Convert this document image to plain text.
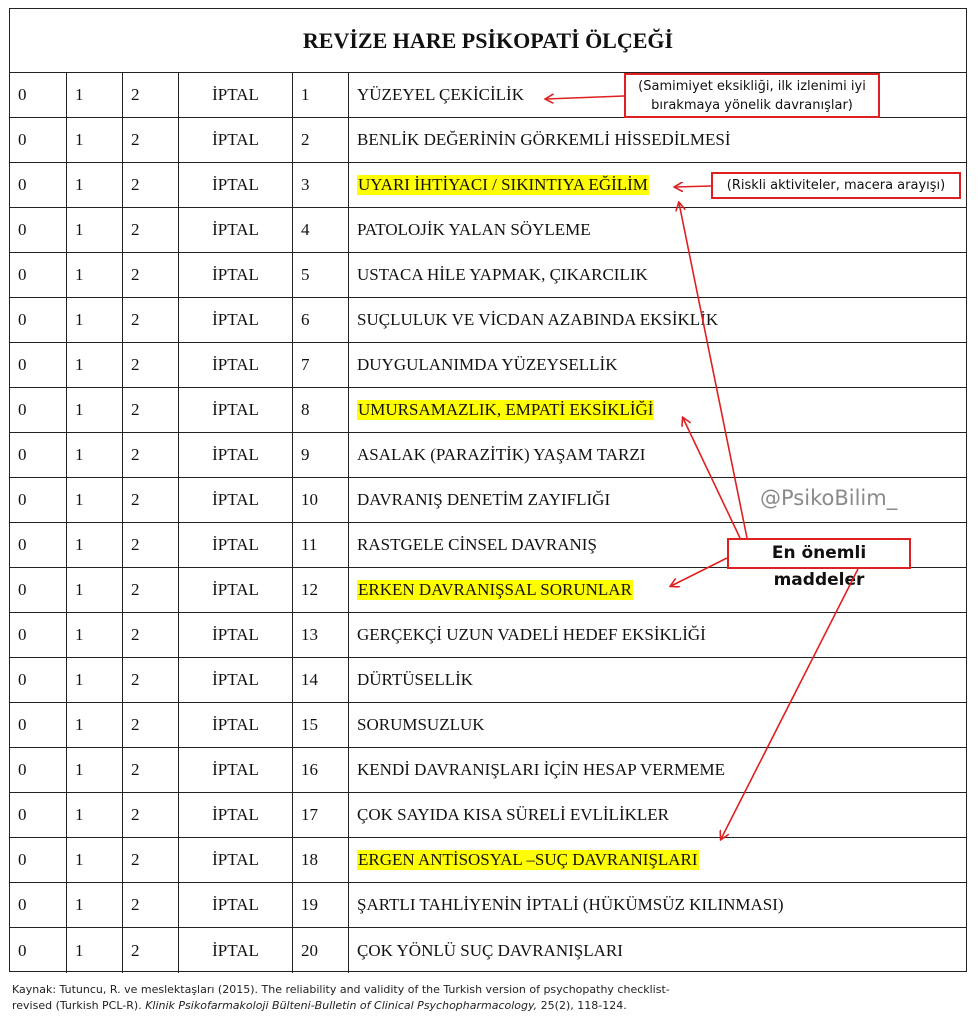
REVİZE HARE PSİKOPATİ ÖLÇEĞİ
0	1	2	İPTAL	1	YÜZEYEL ÇEKİCİLİK
0	1	2	İPTAL	2	BENLİK DEĞERİNİN GÖRKEMLİ HİSSEDİLMESİ
0	1	2	İPTAL	3	UYARI İHTİYACI / SIKINTIYA EĞİLİM
0	1	2	İPTAL	4	PATOLOJİK YALAN SÖYLEME
0	1	2	İPTAL	5	USTACA HİLE YAPMAK, ÇIKARCILIK
0	1	2	İPTAL	6	SUÇLULUK VE VİCDAN AZABINDA EKSİKLİK
0	1	2	İPTAL	7	DUYGULANIMDA YÜZEYSELLİK
0	1	2	İPTAL	8	UMURSAMAZLIK, EMPATİ EKSİKLİĞİ
0	1	2	İPTAL	9	ASALAK (PARAZİTİK) YAŞAM TARZI
0	1	2	İPTAL	10	DAVRANIŞ DENETİM ZAYIFLIĞI
0	1	2	İPTAL	11	RASTGELE CİNSEL DAVRANIŞ
0	1	2	İPTAL	12	ERKEN DAVRANIŞSAL SORUNLAR
0	1	2	İPTAL	13	GERÇEKÇİ UZUN VADELİ HEDEF EKSİKLİĞİ
0	1	2	İPTAL	14	DÜRTÜSELLİK
0	1	2	İPTAL	15	SORUMSUZLUK
0	1	2	İPTAL	16	KENDİ DAVRANIŞLARI İÇİN HESAP VERMEME
0	1	2	İPTAL	17	ÇOK SAYIDA KISA SÜRELİ EVLİLİKLER
0	1	2	İPTAL	18	ERGEN ANTİSOSYAL –SUÇ DAVRANIŞLARI
0	1	2	İPTAL	19	ŞARTLI TAHLİYENİN İPTALİ (HÜKÜMSÜZ KILINMASI)
0	1	2	İPTAL	20	ÇOK YÖNLÜ SUÇ DAVRANIŞLARI
(Samimiyet eksikliği, ilk izlenimi iyi
bırakmaya yönelik davranışlar)
(Riskli aktiviteler, macera arayışı)
En önemli maddeler
@PsikoBilim_
Kaynak: Tutuncu, R. ve meslektaşları (2015). The reliability and validity of the Turkish version of psychopathy checklist-
revised (Turkish PCL-R). Klinik Psikofarmakoloji Bülteni-Bulletin of Clinical Psychopharmacology, 25(2), 118-124.
